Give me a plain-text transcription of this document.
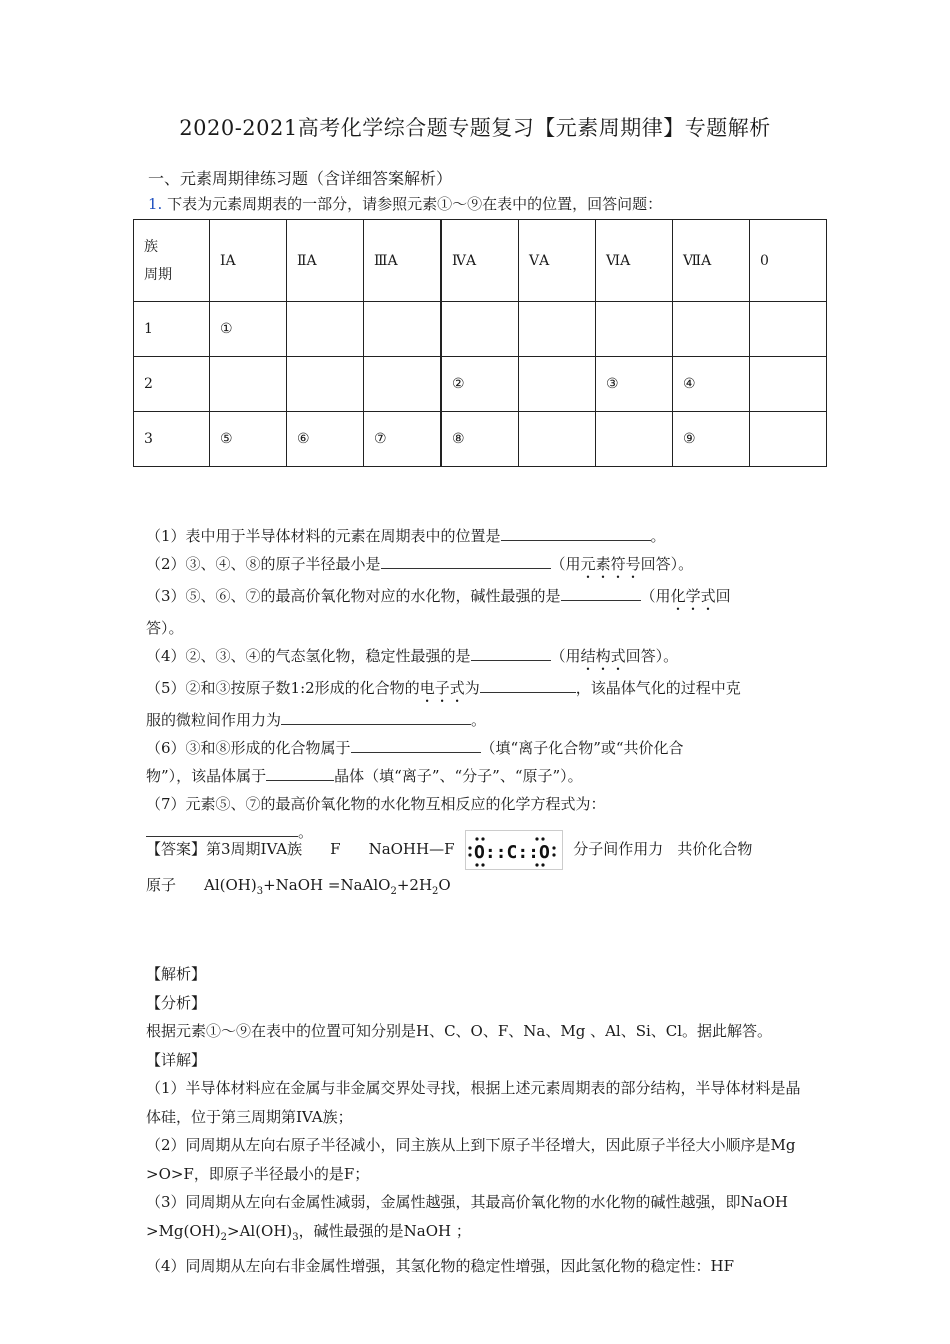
2020-2021高考化学综合题专题复习【元素周期律】专题解析
一、元素周期律练习题（含详细答案解析）
1. 下表为元素周期表的一部分，请参照元素①～⑨在表中的位置，回答问题：
族
周期	ⅠA	ⅡA	ⅢA	ⅣA	ⅤA	ⅥA	ⅦA	0
1	①							
2				②		③	④	
3	⑤	⑥	⑦	⑧			⑨	

（1）表中用于半导体材料的元素在周期表中的位置是	。

（2）③、④、⑧的原子半径最小是	（用元素符号回答）。

（3）⑤、⑥、⑦的最高价氧化物对应的水化物，碱性最强的是	（用化学式回

答）。

（4）②、③、④的气态氢化物，稳定性最强的是	（用结构式回答）。

（5）②和③按原子数1:2形成的化合物的电子式为	，该晶体气化的过程中克

服的微粒间作用力为	。

（6）③和⑧形成的化合物属于	（填“离子化合物”或“共价化合

物”），该晶体属于	晶体（填“离子”、“分子”、“原子”）。

（7）元素⑤、⑦的最高价氧化物的水化物互相反应的化学方程式为：

。

【答案】第3周期IVA族 F NaOHH—F O::C::O 分子间作用力 共价化合物

原子 $Al(OH)_3+NaOH$ $=NaAlO_2+2H_2O$

【解析】

【分析】

根据元素①～⑨在表中的位置可知分别是H、C、O、F、Na、Mg 、Al、Si、Cl。据此解答。

【详解】

（1）半导体材料应在金属与非金属交界处寻找，根据上述元素周期表的部分结构，半导体材料是晶体硅，位于第三周期第IVA族；

（2）同周期从左向右原子半径减小，同主族从上到下原子半径增大，因此原子半径大小顺序是Mg >O>F，即原子半径最小的是F；

（3）同周期从左向右金属性减弱，金属性越强，其最高价氧化物的水化物的碱性越强，即NaOH $>Mg(OH)_2>Al(OH)_3$，碱性最强的是NaOH ；

（4）同周期从左向右非金属性增强，其氢化物的稳定性增强，因此氢化物的稳定性：HF
